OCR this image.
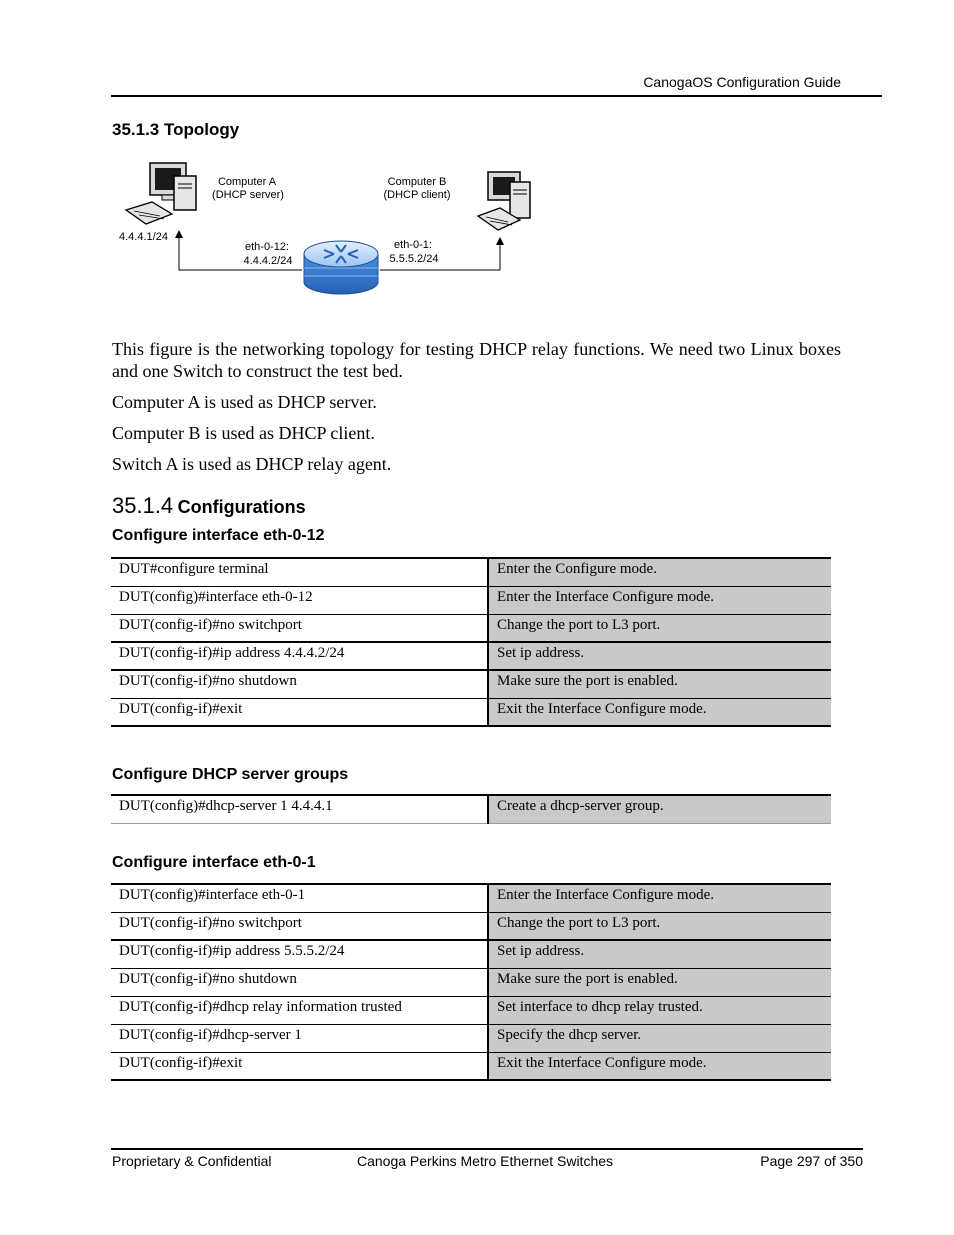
CanogaOS Configuration Guide
35.1.3 Topology
Computer A
(DHCP server)
Computer B
(DHCP client)
4.4.4.1/24
eth-0-12:
4.4.4.2/24
eth-0-1:
5.5.5.2/24

This figure is the networking topology for testing DHCP relay functions. We need two Linux boxes and one Switch to construct the test bed.

Computer A is used as DHCP server.

Computer B is used as DHCP client.

Switch A is used as DHCP relay agent.

35.1.4 Configurations
Configure interface eth-0-12
DUT#configure terminal	Enter the Configure mode.
DUT(config)#interface eth-0-12	Enter the Interface Configure mode.
DUT(config-if)#no switchport	Change the port to L3 port.
DUT(config-if)#ip address 4.4.4.2/24	Set ip address.
DUT(config-if)#no shutdown	Make sure the port is enabled.
DUT(config-if)#exit	Exit the Interface Configure mode.
Configure DHCP server groups
DUT(config)#dhcp-server 1 4.4.4.1	Create a dhcp-server group.
Configure interface eth-0-1
DUT(config)#interface eth-0-1	Enter the Interface Configure mode.
DUT(config-if)#no switchport	Change the port to L3 port.
DUT(config-if)#ip address 5.5.5.2/24	Set ip address.
DUT(config-if)#no shutdown	Make sure the port is enabled.
DUT(config-if)#dhcp relay information trusted	Set interface to dhcp relay trusted.
DUT(config-if)#dhcp-server 1	Specify the dhcp server.
DUT(config-if)#exit	Exit the Interface Configure mode.
Proprietary & Confidential	Canoga Perkins Metro Ethernet Switches	Page 297 of 350
